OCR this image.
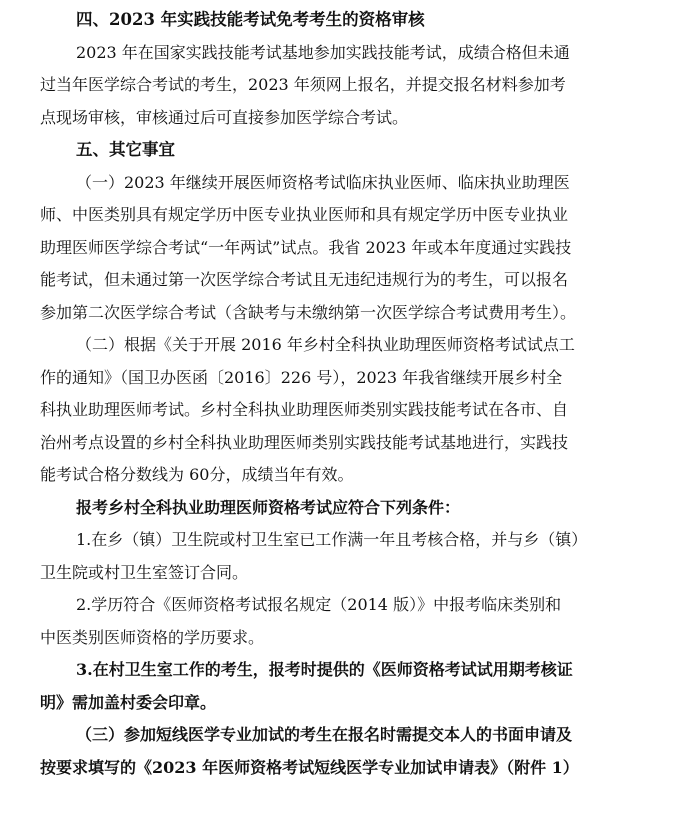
四、2023 年实践技能考试免考考生的资格审核
2023 年在国家实践技能考试基地参加实践技能考试，成绩合格但未通
过当年医学综合考试的考生，2023 年须网上报名，并提交报名材料参加考
点现场审核，审核通过后可直接参加医学综合考试。
五、其它事宜
（一）2023 年继续开展医师资格考试临床执业医师、临床执业助理医
师、中医类别具有规定学历中医专业执业医师和具有规定学历中医专业执业
助理医师医学综合考试“一年两试”试点。我省 2023 年或本年度通过实践技
能考试，但未通过第一次医学综合考试且无违纪违规行为的考生，可以报名
参加第二次医学综合考试（含缺考与未缴纳第一次医学综合考试费用考生）。
（二）根据《关于开展 2016 年乡村全科执业助理医师资格考试试点工
作的通知》（国卫办医函〔2016〕226 号），2023 年我省继续开展乡村全
科执业助理医师考试。乡村全科执业助理医师类别实践技能考试在各市、自
治州考点设置的乡村全科执业助理医师类别实践技能考试基地进行，实践技
能考试合格分数线为 60分，成绩当年有效。
报考乡村全科执业助理医师资格考试应符合下列条件：
1.在乡（镇）卫生院或村卫生室已工作满一年且考核合格，并与乡（镇）
卫生院或村卫生室签订合同。
2.学历符合《医师资格考试报名规定（2014 版）》中报考临床类别和
中医类别医师资格的学历要求。
3.在村卫生室工作的考生，报考时提供的《医师资格考试试用期考核证
明》需加盖村委会印章。
（三）参加短线医学专业加试的考生在报名时需提交本人的书面申请及
按要求填写的《2023 年医师资格考试短线医学专业加试申请表》（附件 1）
